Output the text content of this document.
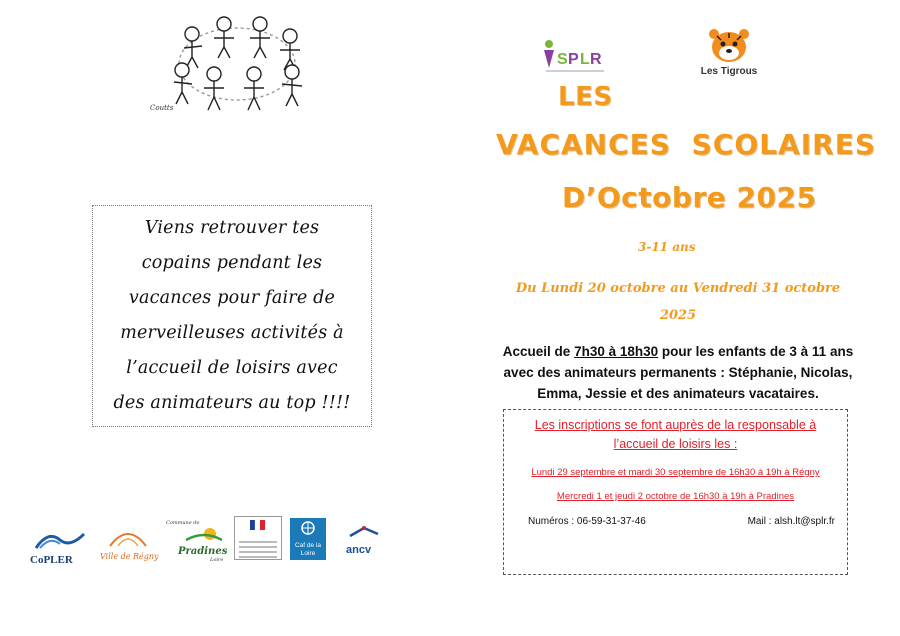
Coutts
Viens retrouver tes
copains pendant les
vacances pour faire de
merveilleuses activités à
l’accueil de loisirs avec
des animateurs au top !!!!
CoPLER	Ville de Régny
Commune de
Pradines
Loire
Caf de la Loire	ancv
S P L R
Les Tigrous
LES
VACANCES SCOLAIRES
D’Octobre 2025
3-11 ans
Du Lundi 20 octobre au Vendredi 31 octobre
2025
Accueil de 7h30 à 18h30 pour les enfants de 3 à 11 ans
avec des animateurs permanents : Stéphanie, Nicolas,
Emma, Jessie et des animateurs vacataires.
Les inscriptions se font auprès de la responsable à
l’accueil de loisirs les :
Lundi 29 septembre et mardi 30 septembre de 16h30 à 19h à Régny
Mercredi 1 et jeudi 2 octobre de 16h30 à 19h à Pradines
Numéros : 06-59-31-37-46	Mail : alsh.lt@splr.fr
